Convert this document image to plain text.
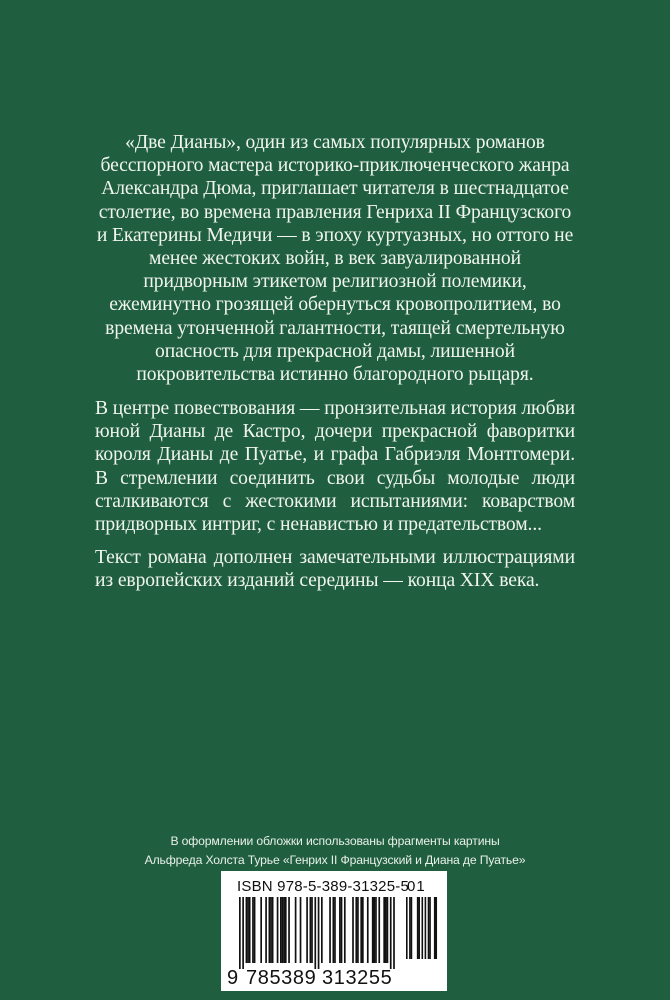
«Две Дианы», один из самых популярных романов бесспорного мастера историко-приключенческого жанра Александра Дюма, приглашает читателя в шестнадцатое столетие, во времена правления Генриха II Французского и Екатерины Медичи — в эпоху куртуазных, но оттого не менее жестоких войн, в век завуалированной придворным этикетом религиозной полемики, ежеминутно грозящей обернуться кровопролитием, во времена утонченной галантности, таящей смертельную опасность для прекрасной дамы, лишенной покровительства истинно благородного рыцаря.
В центре повествования — пронзительная история любви юной Дианы де Кастро, дочери прекрасной фаворитки короля Дианы де Пуатье, и графа Габриэля Монтгомери. В стремлении соединить свои судьбы молодые люди сталкиваются с жестокими испытаниями: коварством придворных интриг, с ненавистью и предательством...
Текст романа дополнен замечательными иллюстрациями из европейских изданий середины — конца XIX века.
В оформлении обложки использованы фрагменты картины
Альфреда Холста Турье «Генрих II Французский и Диана де Пуатье»
ISBN 978-5-389-31325-5
01
9 785389 313255
